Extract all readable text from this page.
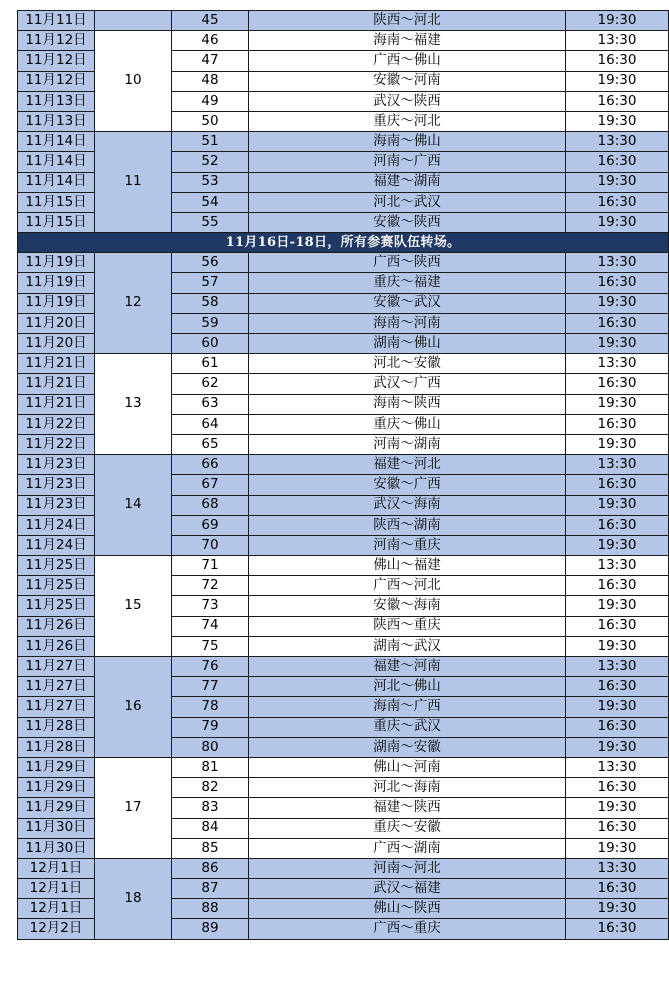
11月11日		45	陕西～河北	19:30
11月12日	10	46	海南～福建	13:30
11月12日		47	广西～佛山	16:30
11月12日		48	安徽～河南	19:30
11月13日		49	武汉～陕西	16:30
11月13日		50	重庆～河北	19:30
11月14日	11	51	海南～佛山	13:30
11月14日		52	河南～广西	16:30
11月14日		53	福建～湖南	19:30
11月15日		54	河北～武汉	16:30
11月15日		55	安徽～陕西	19:30
11月16日-18日，所有参赛队伍转场。				
11月19日	12	56	广西～陕西	13:30
11月19日		57	重庆～福建	16:30
11月19日		58	安徽～武汉	19:30
11月20日		59	海南～河南	16:30
11月20日		60	湖南～佛山	19:30
11月21日	13	61	河北～安徽	13:30
11月21日		62	武汉～广西	16:30
11月21日		63	海南～陕西	19:30
11月22日		64	重庆～佛山	16:30
11月22日		65	河南～湖南	19:30
11月23日	14	66	福建～河北	13:30
11月23日		67	安徽～广西	16:30
11月23日		68	武汉～海南	19:30
11月24日		69	陕西～湖南	16:30
11月24日		70	河南～重庆	19:30
11月25日	15	71	佛山～福建	13:30
11月25日		72	广西～河北	16:30
11月25日		73	安徽～海南	19:30
11月26日		74	陕西～重庆	16:30
11月26日		75	湖南～武汉	19:30
11月27日	16	76	福建～河南	13:30
11月27日		77	河北～佛山	16:30
11月27日		78	海南～广西	19:30
11月28日		79	重庆～武汉	16:30
11月28日		80	湖南～安徽	19:30
11月29日	17	81	佛山～河南	13:30
11月29日		82	河北～海南	16:30
11月29日		83	福建～陕西	19:30
11月30日		84	重庆～安徽	16:30
11月30日		85	广西～湖南	19:30
12月1日	18	86	河南～河北	13:30
12月1日		87	武汉～福建	16:30
12月1日		88	佛山～陕西	19:30
12月2日		89	广西～重庆	16:30
